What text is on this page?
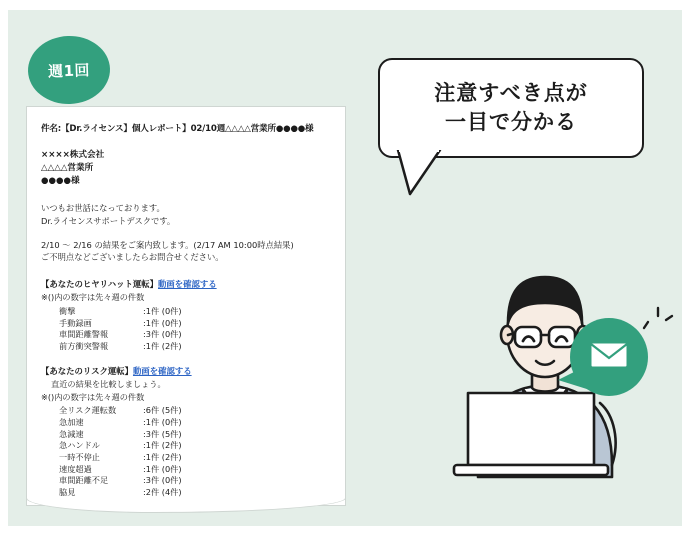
週1回
件名:【Dr.ライセンス】個人レポート】02/10週△△△△営業所●●●●様
××××株式会社
△△△△営業所
●●●●様
いつもお世話になっております。
Dr.ライセンスサポートデスクです。
2/10 ～ 2/16 の結果をご案内致します。(2/17 AM 10:00時点結果)
ご不明点などございましたらお問合せください。
【あなたのヒヤリハット運転】動画を確認する
※()内の数字は先々週の件数
衝撃	:1件 (0件)
手動録画	:1件 (0件)
車間距離警報	:3件 (0件)
前方衝突警報	:1件 (2件)
【あなたのリスク運転】動画を確認する
直近の結果を比較しましょう。
※()内の数字は先々週の件数
全リスク運転数	:6件 (5件)
急加速	:1件 (0件)
急減速	:3件 (5件)
急ハンドル	:1件 (2件)
一時不停止	:1件 (2件)
速度超過	:1件 (0件)
車間距離不足	:3件 (0件)
脇見	:2件 (4件)
注意すべき点が
一目で分かる
